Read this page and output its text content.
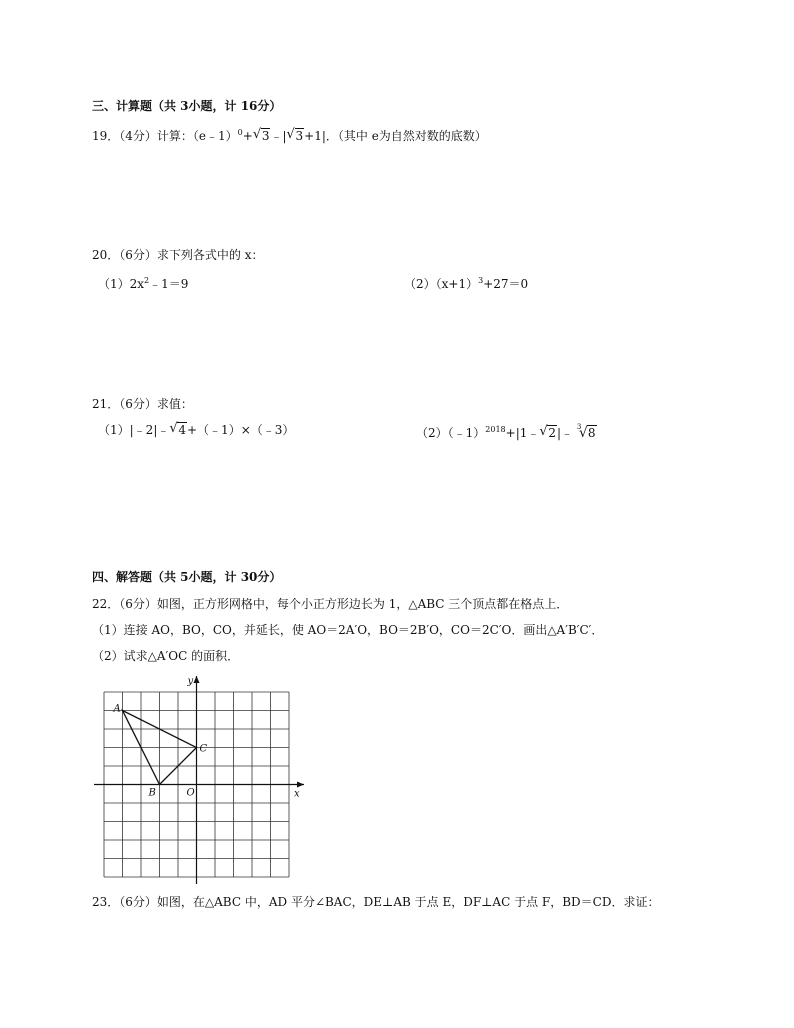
三、计算题（共 3小题，计 16分）
19．（4分）计算：（e﹣1）$^0$+ √ 3﹣| √ 3+1|．（其中 e为自然对数的底数）
20．（6分）求下列各式中的 x：
$(1)2x^2﹣1=9$	$(2)(x+1)^3+27=0$
21．（6分）求值：
（1）|﹣2|﹣ √ 4+（﹣1）×（﹣3）	（2）（﹣1）$^{2018}$+|1﹣ √ 2|﹣ √ 3 8
四、解答题（共 5小题，计 30分）
22．（6分）如图，正方形网格中，每个小正方形边长为 1，△ABC 三个顶点都在格点上．
（1）连接 AO，BO，CO，并延长，使 AO＝2A′O，BO＝2B′O，CO＝2C′O．画出△A′B′C′．
（2）试求△A′OC 的面积．
A
B
C
O	x
y
23．（6分）如图，在△ABC 中，AD 平分∠BAC，DE⊥AB 于点 E，DF⊥AC 于点 F，BD＝CD．求证：
